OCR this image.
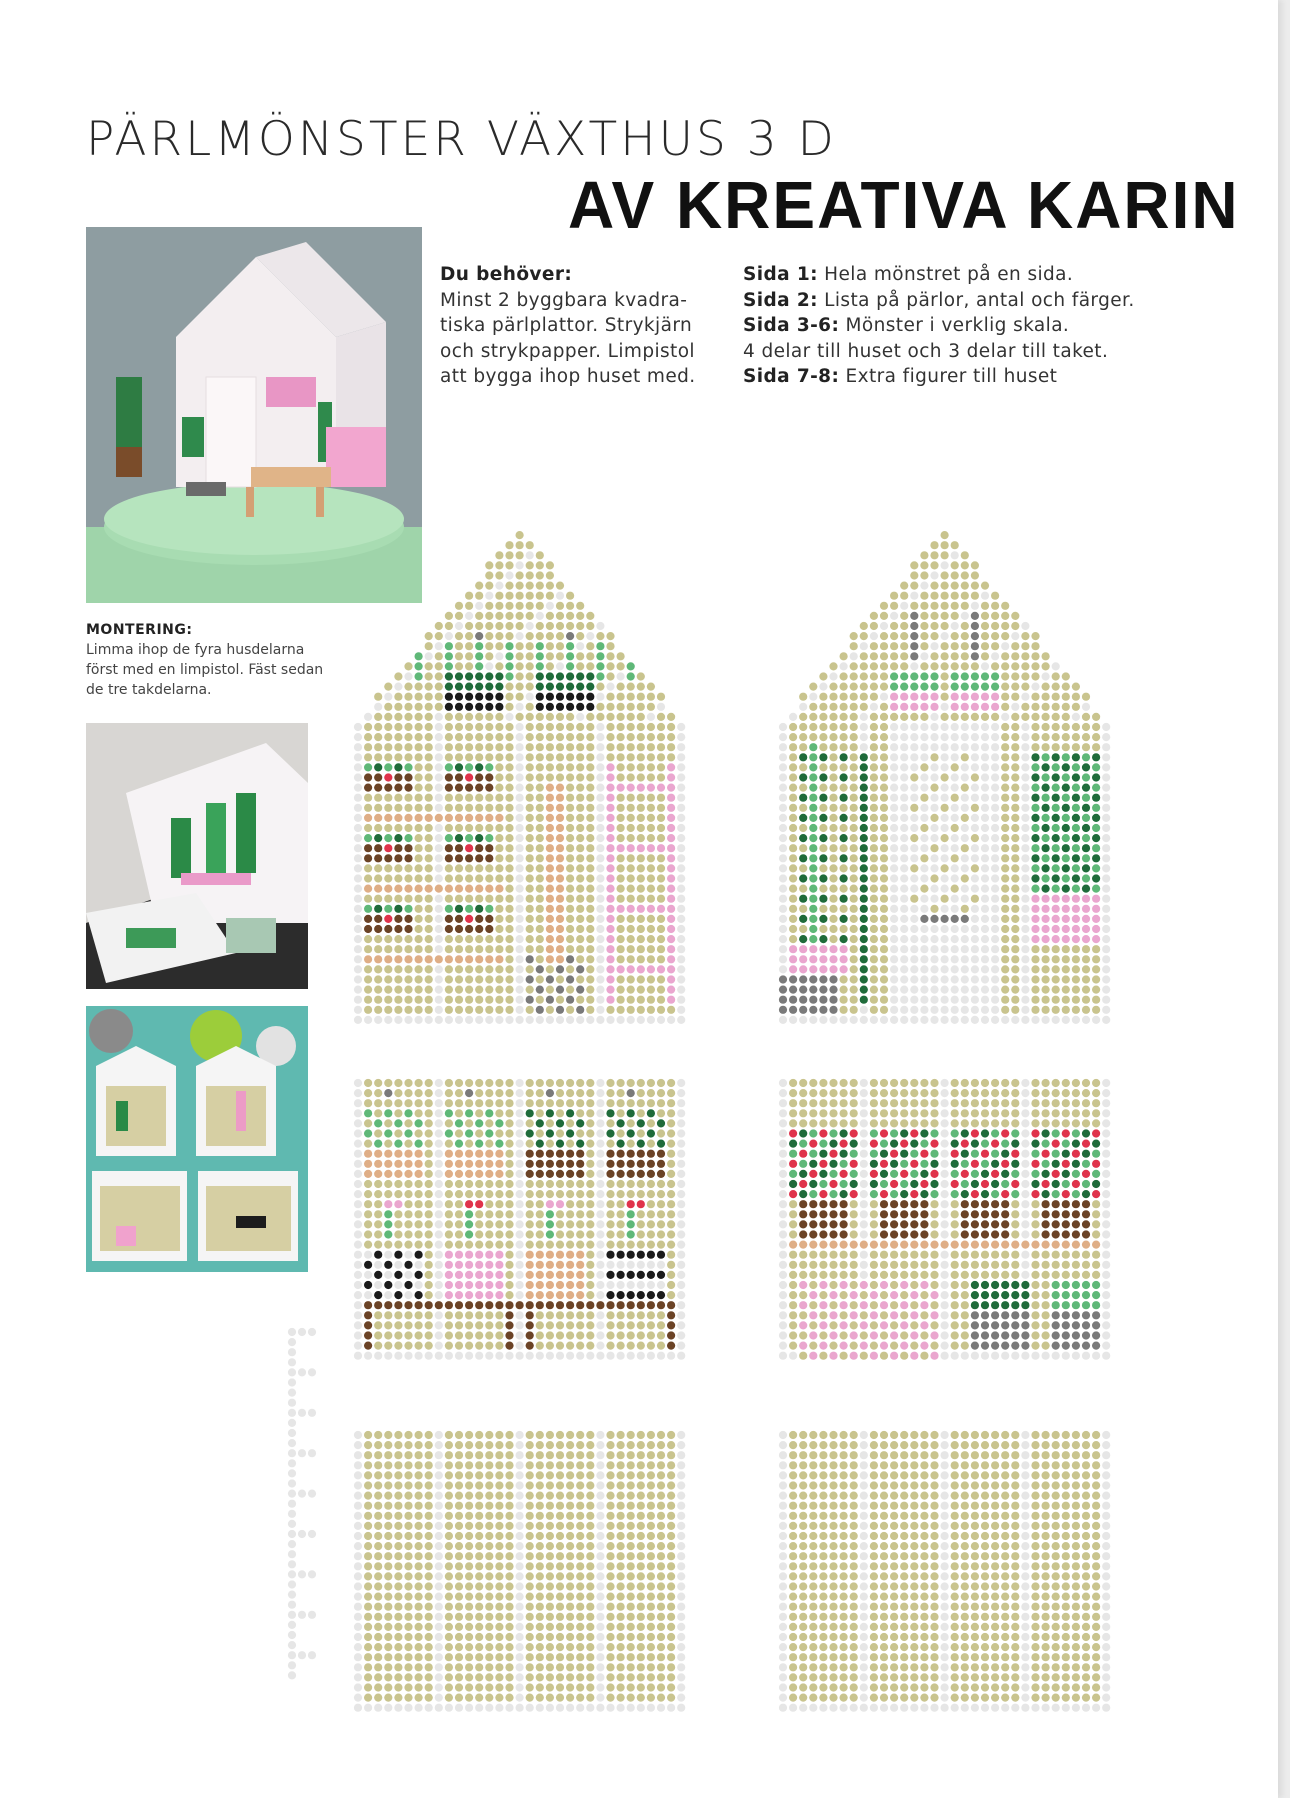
PÄRLMÖNSTER VÄXTHUS 3 D
AV KREATIVA KARIN
Du behöver:
Minst 2 byggbara kvadra-
tiska pärlplattor. Strykjärn
och strykpapper. Limpistol
att bygga ihop huset med.
Sida 1: Hela mönstret på en sida.
Sida 2: Lista på pärlor, antal och färger.
Sida 3-6: Mönster i verklig skala.
4 delar till huset och 3 delar till taket.
Sida 7-8: Extra figurer till huset
MONTERING:
Limma ihop de fyra husdelarna
först med en limpistol. Fäst sedan
de tre takdelarna.
